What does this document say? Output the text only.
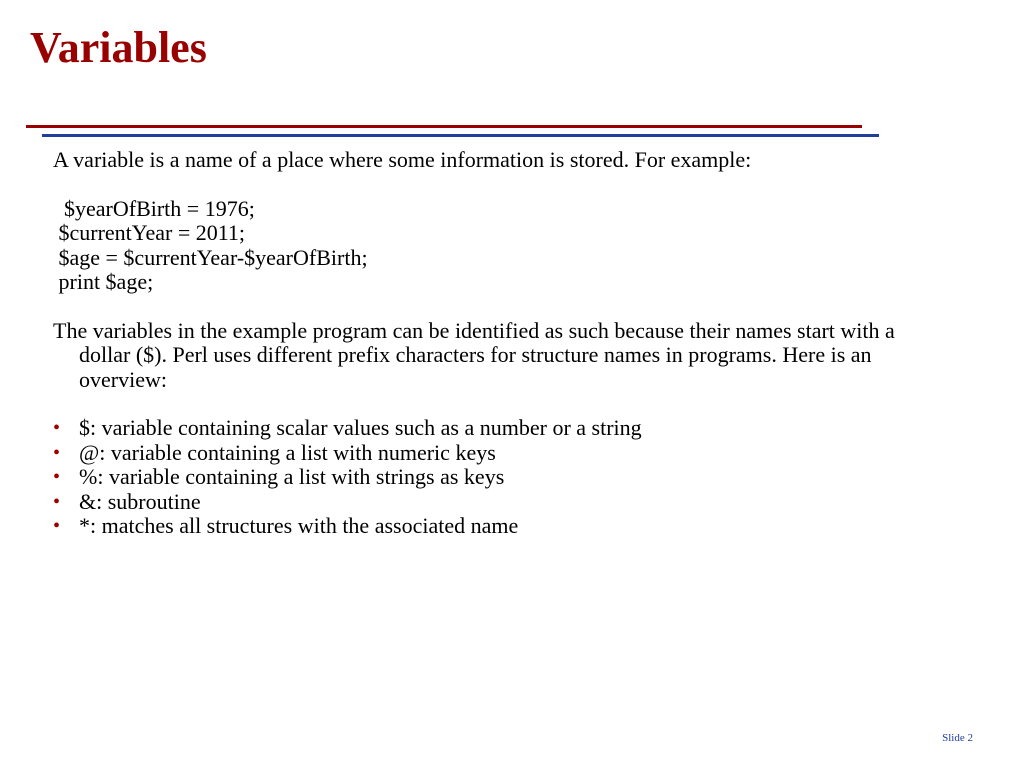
Variables

A variable is a name of a place where some information is stored. For example:

$yearOfBirth = 1976;
$currentYear = 2011;
$age = $currentYear-$yearOfBirth;
print $age;

The variables in the example program can be identified as such because their names start with a dollar ($). Perl uses different prefix characters for structure names in programs. Here is an overview:

• $: variable containing scalar values such as a number or a string
• @: variable containing a list with numeric keys
• %: variable containing a list with strings as keys
• &: subroutine
• *: matches all structures with the associated name
Slide 2
